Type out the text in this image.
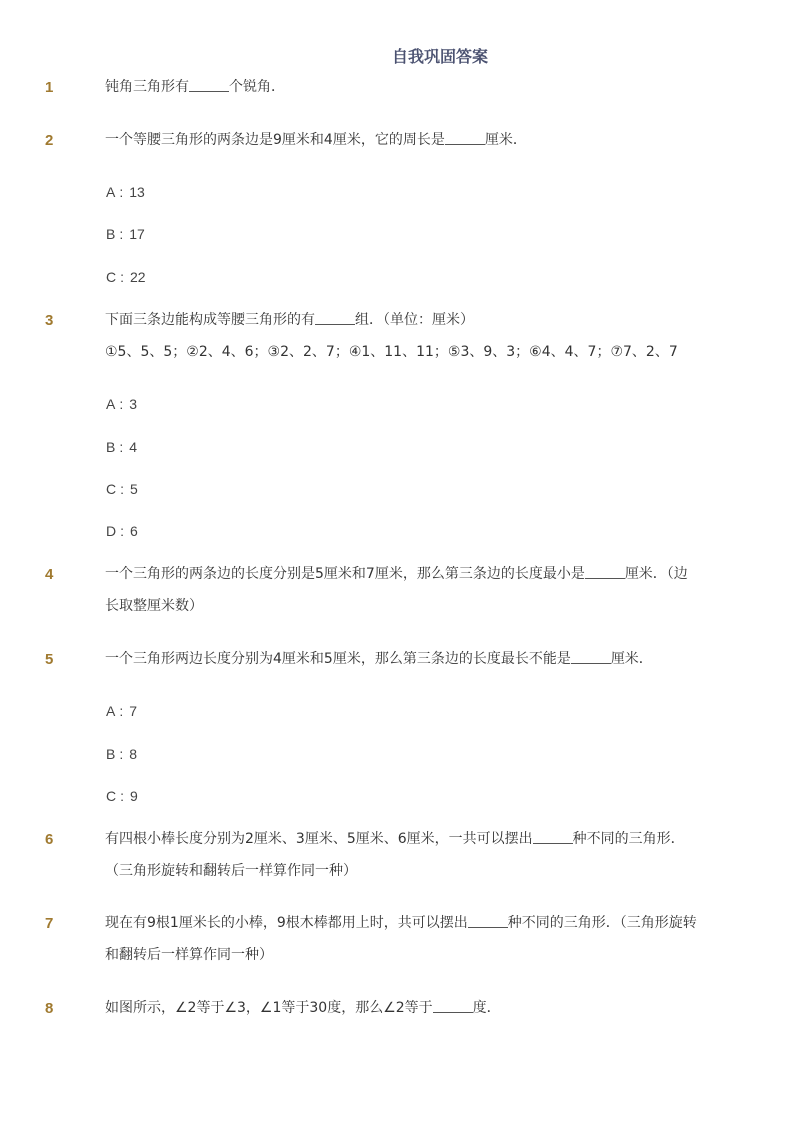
自我巩固答案
1	钝角三角形有	个锐角．
2	一个等腰三角形的两条边是9厘米和4厘米，它的周长是	厘米．
A : 13
B : 17
C : 22
3	下面三条边能构成等腰三角形的有	组．（单位：厘米）
①5、5、5；②2、4、6；③2、2、7；④1、11、11；⑤3、9、3；⑥4、4、7；⑦7、2、7
A : 3
B : 4
C : 5
D : 6
4	一个三角形的两条边的长度分别是5厘米和7厘米，那么第三条边的长度最小是	厘米．（边
长取整厘米数）
5	一个三角形两边长度分别为4厘米和5厘米，那么第三条边的长度最长不能是	厘米．
A : 7
B : 8
C : 9
6	有四根小棒长度分别为2厘米、3厘米、5厘米、6厘米，一共可以摆出	种不同的三角形．
（三角形旋转和翻转后一样算作同一种）
7	现在有9根1厘米长的小棒，9根木棒都用上时，共可以摆出	种不同的三角形．（三角形旋转
和翻转后一样算作同一种）
8	如图所示，∠2等于∠3，∠1等于30度，那么∠2等于	度．
